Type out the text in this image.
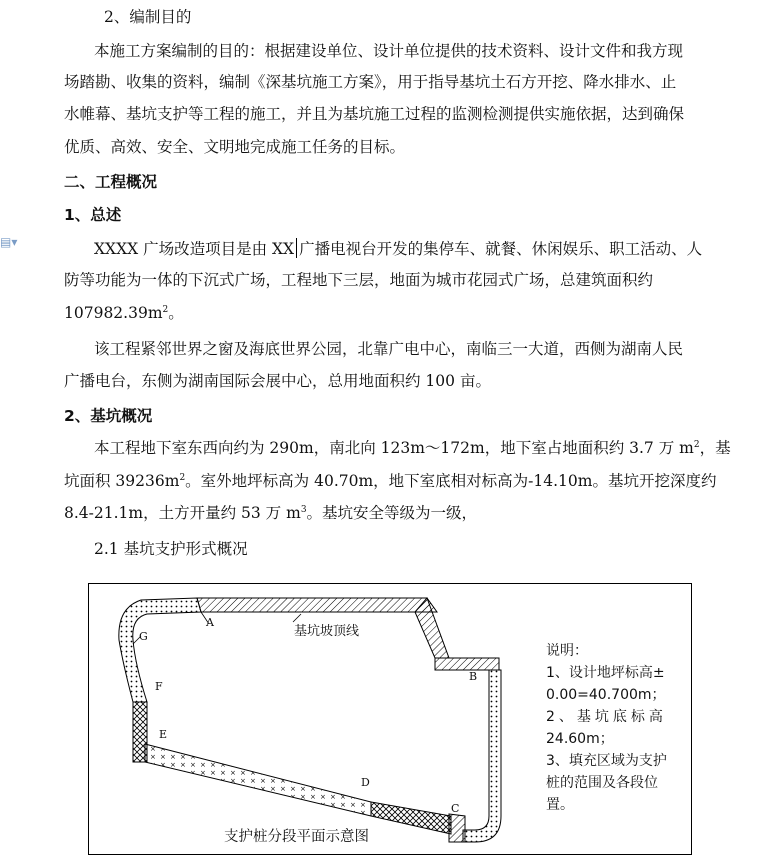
▤▾
2、编制目的
本施工方案编制的目的：根据建设单位、设计单位提供的技术资料、设计文件和我方现
场踏勘、收集的资料，编制《深基坑施工方案》，用于指导基坑土石方开挖、降水排水、止
水帷幕、基坑支护等工程的施工，并且为基坑施工过程的监测检测提供实施依据，达到确保
优质、高效、安全、文明地完成施工任务的目标。
二、工程概况
1、总述
XXXX 广场改造项目是由 XX 广播电视台开发的集停车、就餐、休闲娱乐、职工活动、人
防等功能为一体的下沉式广场，工程地下三层，地面为城市花园式广场，总建筑面积约
$107982.39m^2$。
该工程紧邻世界之窗及海底世界公园，北靠广电中心，南临三一大道，西侧为湖南人民
广播电台，东侧为湖南国际会展中心，总用地面积约 100 亩。
2、基坑概况
本工程地下室东西向约为 290m，南北向 123m～172m，地下室占地面积约 3.7 万 $m^2$，基
坑面积 $39236m^2$。室外地坪标高为 40.70m，地下室底相对标高为-14.10m。基坑开挖深度约
8.4-21.1m，土方开量约 53 万 $m^3$。基坑安全等级为一级，
2.1 基坑支护形式概况
A
B
C
D
E
F
G	基坑坡顶线
说明：
1、设计地坪标高±
0.00=40.700m；
2、基坑底标高
24.60m；
3、填充区域为支护
桩的范围及各段位
置。
支护桩分段平面示意图
